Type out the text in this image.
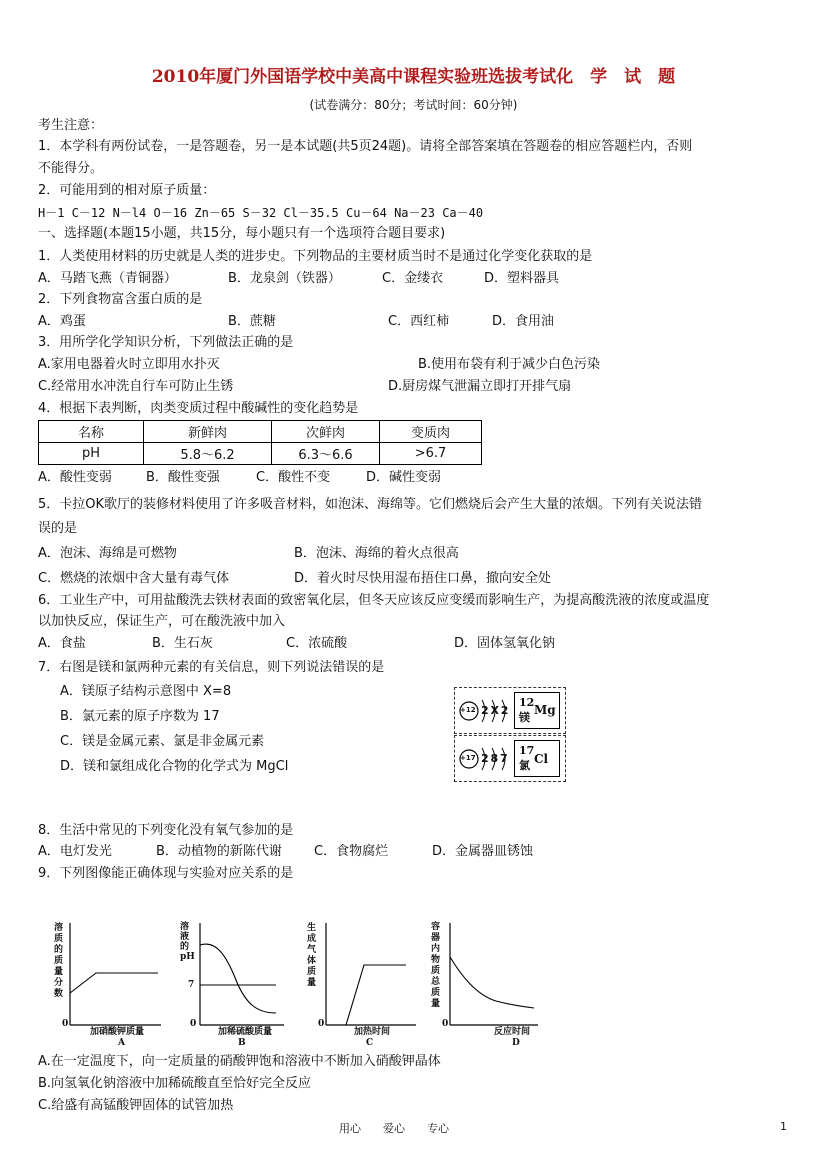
2010年厦门外国语学校中美高中课程实验班选拔考试化　学　试　题
(试卷满分：80分；考试时间：60分钟)
考生注意：
1．本学科有两份试卷，一是答题卷，另一是本试题(共5页24题)。请将全部答案填在答题卷的相应答题栏内，否则
不能得分。
2．可能用到的相对原子质量：
H－1 C－12 N－l4 O－16 Zn－65 S－32 Cl－35.5 Cu－64 Na－23 Ca－40
一、选择题(本题15小题，共15分，每小题只有一个选项符合题目要求)
1．人类使用材料的历史就是人类的进步史。下列物品的主要材质当时不是通过化学变化获取的是
A．马踏飞燕（青铜器）	B．龙泉剑（铁器）	C．金缕衣	D．塑料器具
2．下列食物富含蛋白质的是
A．鸡蛋	B．蔗糖	C．西红柿	D．食用油
3．用所学化学知识分析，下列做法正确的是
A.家用电器着火时立即用水扑灭	B.使用布袋有利于减少白色污染
C.经常用水冲洗自行车可防止生锈	D.厨房煤气泄漏立即打开排气扇
4．根据下表判断，肉类变质过程中酸碱性的变化趋势是
名称	新鲜肉	次鲜肉	变质肉
pH	5.8～6.2	6.3～6.6	>6.7
A．酸性变弱	B．酸性变强	C．酸性不变	D．碱性变弱
5．卡拉OK歌厅的装修材料使用了许多吸音材料，如泡沫、海绵等。它们燃烧后会产生大量的浓烟。下列有关说法错
误的是
A．泡沫、海绵是可燃物	B．泡沫、海绵的着火点很高
C．燃烧的浓烟中含大量有毒气体	D．着火时尽快用湿布捂住口鼻，撤向安全处
6．工业生产中，可用盐酸洗去铁材表面的致密氧化层，但冬天应该反应变缓而影响生产，为提高酸洗液的浓度或温度
以加快反应，保证生产，可在酸洗液中加入
A．食盐	B．生石灰	C．浓硫酸	D．固体氢氧化钠
7．右图是镁和氯两种元素的有关信息，则下列说法错误的是
A．镁原子结构示意图中 X=8
B．氯元素的原子序数为 17
C．镁是金属元素、氯是非金属元素
D．镁和氯组成化合物的化学式为 MgCl
+12 2 X 2
12
Mg
镁
+17 2 8 7
17
Cl
氯
8．生活中常见的下列变化没有氧气参加的是
A．电灯发光	B．动植物的新陈代谢 C．食物腐烂	D．金属器皿锈蚀
9．下列图像能正确体现与实验对应关系的是
溶质的质量分数
0
加硝酸钾质量
A
溶液的pH
7
0
加稀硫酸质量
B
生成气体质量
0
加热时间
C
容器内物质总质量
0
反应时间
D
A.在一定温度下，向一定质量的硝酸钾饱和溶液中不断加入硝酸钾晶体
B.向氢氧化钠溶液中加稀硫酸直至恰好完全反应
C.给盛有高锰酸钾固体的试管加热
用心　　爱心　　专心	1
